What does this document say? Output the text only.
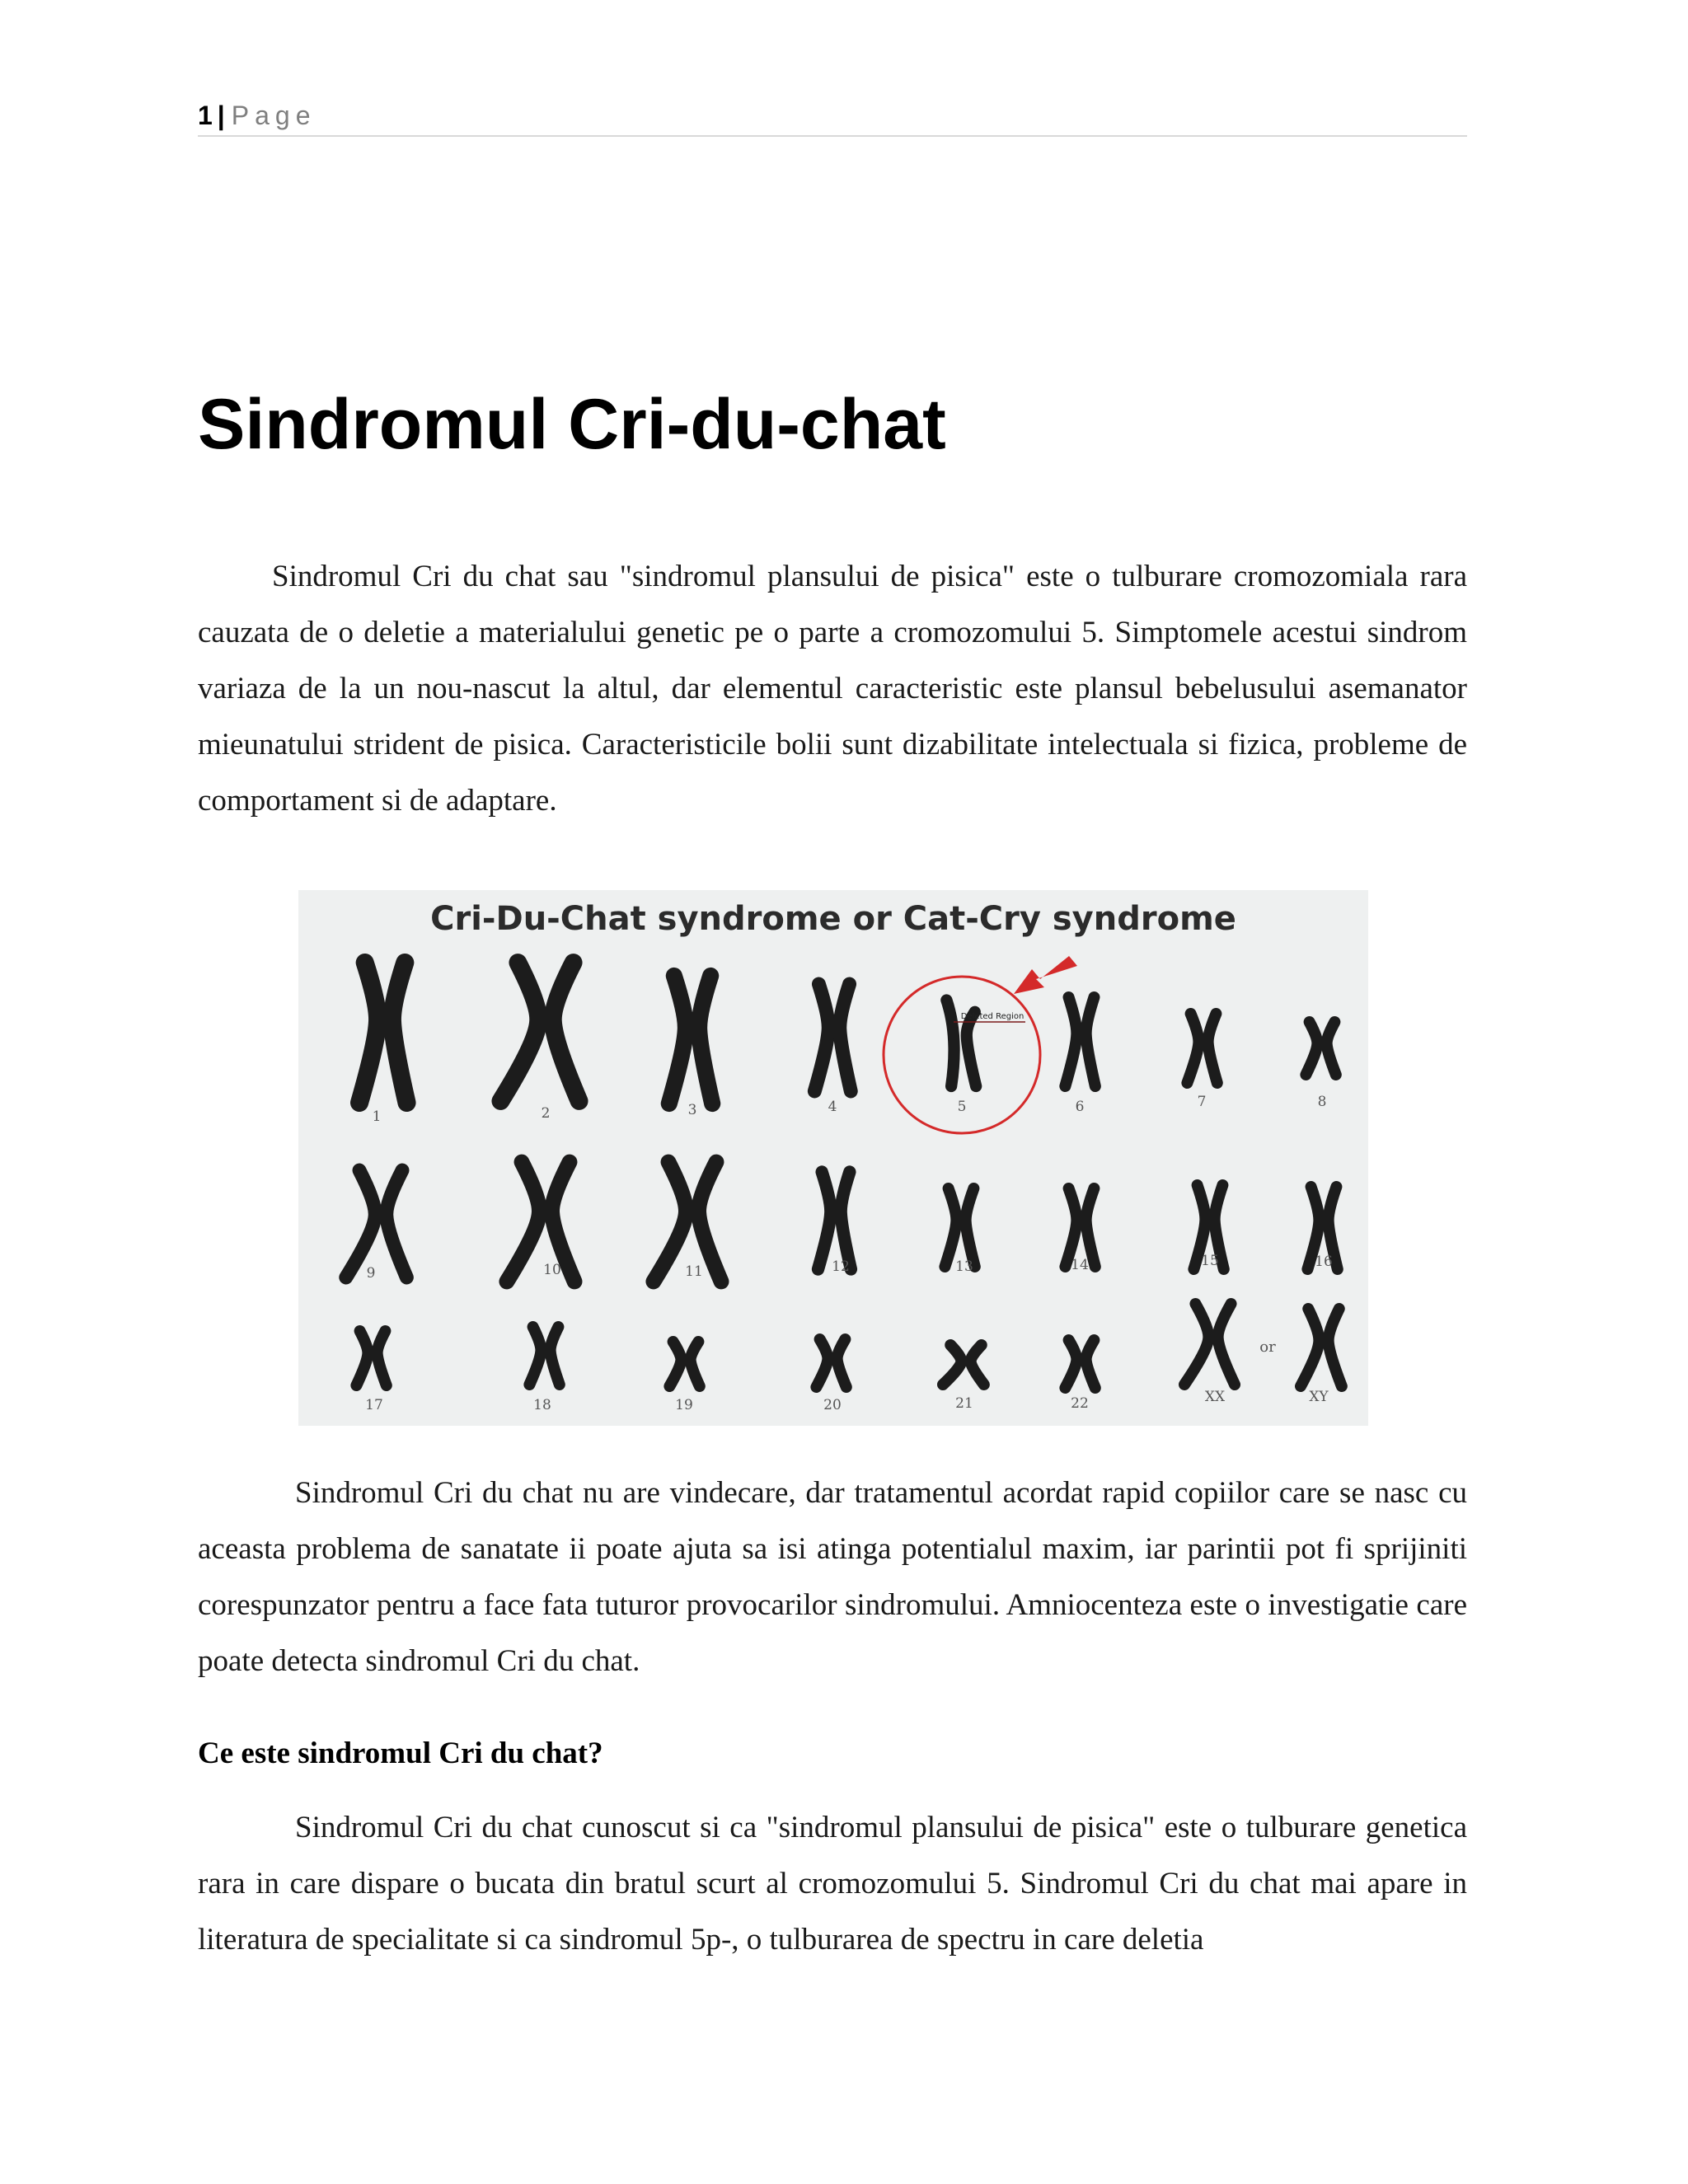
1 | Page
Sindromul Cri-du-chat

Sindromul Cri du chat sau "sindromul plansului de pisica" este o tulburare cromozomiala rara cauzata de o deletie a materialului genetic pe o parte a cromozomului 5. Simptomele acestui sindrom variaza de la un nou-nascut la altul, dar elementul caracteristic este plansul bebelusului asemanator mieunatului strident de pisica. Caracteristicile bolii sunt dizabilitate intelectuala si fizica, probleme de comportament si de adaptare.

Cri-Du-Chat syndrome or Cat-Cry syndrome
1	2	3	4	5	6	7	8
9	10	11	12	13	14	15	16
17	18	19	20	21	22	XX	XY
Deleted Region
or

Sindromul Cri du chat nu are vindecare, dar tratamentul acordat rapid copiilor care se nasc cu aceasta problema de sanatate ii poate ajuta sa isi atinga potentialul maxim, iar parintii pot fi sprijiniti corespunzator pentru a face fata tuturor provocarilor sindromului. Amniocenteza este o investigatie care poate detecta sindromul Cri du chat.

Ce este sindromul Cri du chat?

Sindromul Cri du chat cunoscut si ca "sindromul plansului de pisica" este o tulburare genetica rara in care dispare o bucata din bratul scurt al cromozomului 5. Sindromul Cri du chat mai apare in literatura de specialitate si ca sindromul 5p-, o tulburarea de spectru in care deletia
